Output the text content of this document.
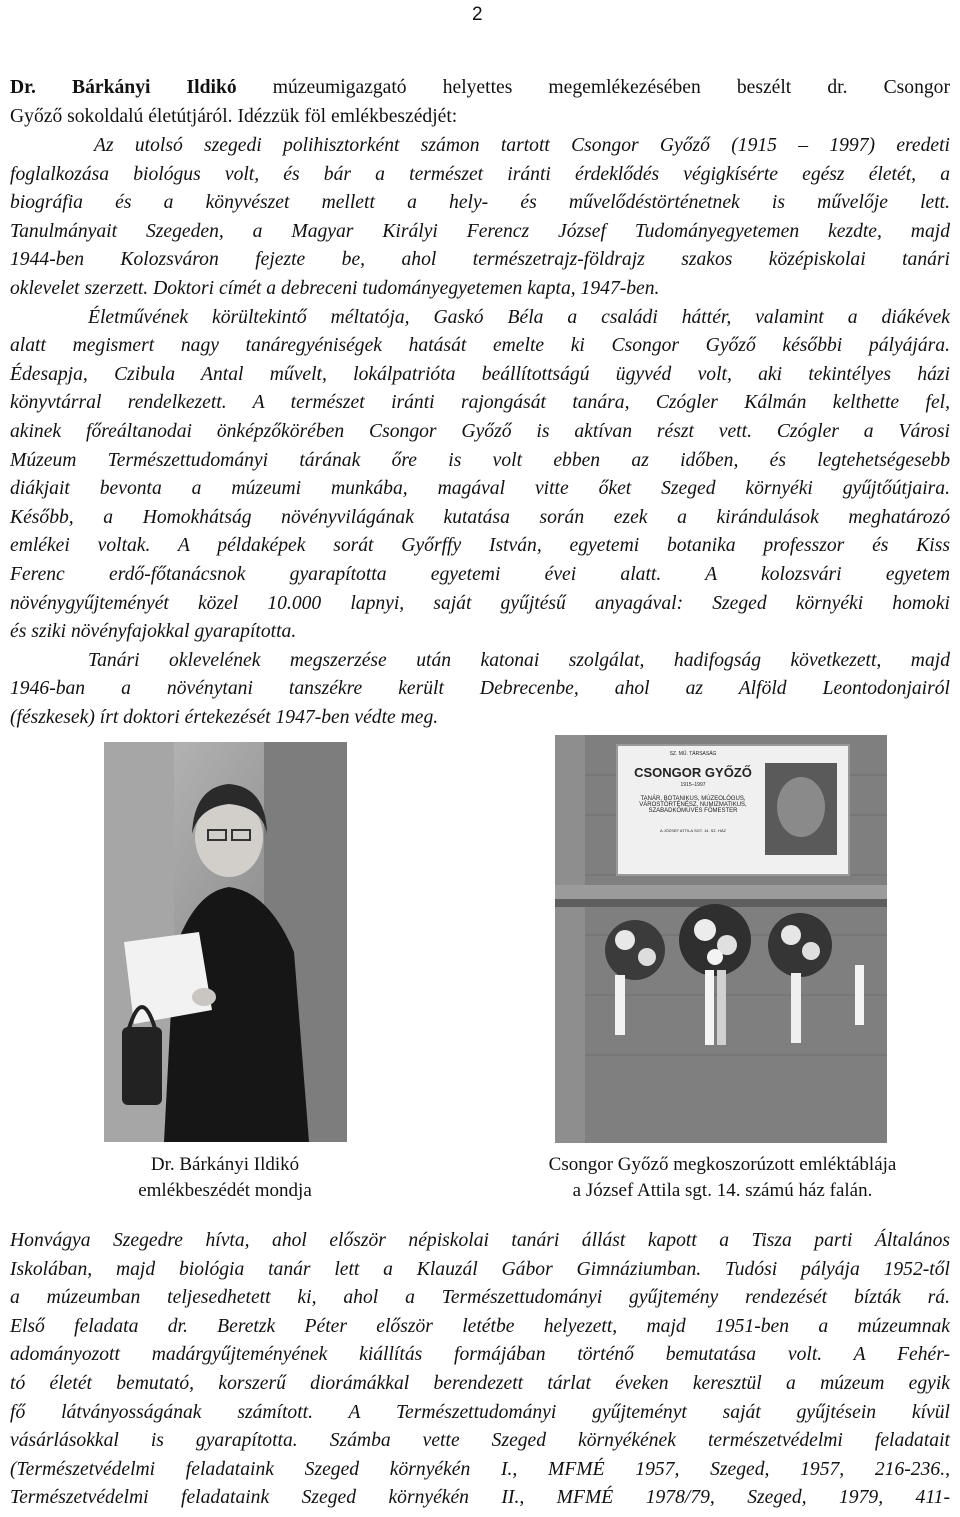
2
Dr. Bárkányi Ildikó múzeumigazgató helyettes megemlékezésében beszélt dr. Csongor
Győző sokoldalú életútjáról. Idézzük föl emlékbeszédjét:
Az utolsó szegedi polihisztorként számon tartott Csongor Győző (1915 – 1997) eredeti
foglalkozása biológus volt, és bár a természet iránti érdeklődés végigkísérte egész életét, a
biográfia és a könyvészet mellett a hely- és művelődéstörténetnek is művelője lett.
Tanulmányait Szegeden, a Magyar Királyi Ferencz József Tudományegyetemen kezdte, majd
1944-ben Kolozsváron fejezte be, ahol természetrajz-földrajz szakos középiskolai tanári
oklevelet szerzett. Doktori címét a debreceni tudományegyetemen kapta, 1947-ben.
Életművének körültekintő méltatója, Gaskó Béla a családi háttér, valamint a diákévek
alatt megismert nagy tanáregyéniségek hatását emelte ki Csongor Győző későbbi pályájára.
Édesapja, Czibula Antal művelt, lokálpatrióta beállítottságú ügyvéd volt, aki tekintélyes házi
könyvtárral rendelkezett. A természet iránti rajongását tanára, Czógler Kálmán kelthette fel,
akinek főreáltanodai önképzőkörében Csongor Győző is aktívan részt vett. Czógler a Városi
Múzeum Természettudományi tárának őre is volt ebben az időben, és legtehetségesebb
diákjait bevonta a múzeumi munkába, magával vitte őket Szeged környéki gyűjtőútjaira.
Később, a Homokhátság növényvilágának kutatása során ezek a kirándulások meghatározó
emlékei voltak. A példaképek sorát Győrffy István, egyetemi botanika professzor és Kiss
Ferenc erdő-főtanácsnok gyarapította egyetemi évei alatt. A kolozsvári egyetem
növénygyűjteményét közel 10.000 lapnyi, saját gyűjtésű anyagával: Szeged környéki homoki
és sziki növényfajokkal gyarapította.
Tanári oklevelének megszerzése után katonai szolgálat, hadifogság következett, majd
1946-ban a növénytani tanszékre került Debrecenbe, ahol az Alföld Leontodonjairól
(fészkesek) írt doktori értekezését 1947-ben védte meg.
SZ. MŰ. TÁRSASÁG
CSONGOR GYŐZŐ
1915–1997
TANÁR, BOTANIKUS, MÚZEOLÓGUS,
VÁROSTÖRTÉNÉSZ, NUMIZMATIKUS,
SZABADKŐMŰVES FŐMESTER
A JÓZSEF ATTILA SGT. 14. SZ. HÁZ
Dr. Bárkányi Ildikó
emlékbeszédét mondja
Csongor Győző megkoszorúzott emléktáblája
a József Attila sgt. 14. számú ház falán.
Honvágya Szegedre hívta, ahol először népiskolai tanári állást kapott a Tisza parti Általános
Iskolában, majd biológia tanár lett a Klauzál Gábor Gimnáziumban. Tudósi pályája 1952-től
a múzeumban teljesedhetett ki, ahol a Természettudományi gyűjtemény rendezését bízták rá.
Első feladata dr. Beretzk Péter először letétbe helyezett, majd 1951-ben a múzeumnak
adományozott madárgyűjteményének kiállítás formájában történő bemutatása volt. A Fehér-
tó életét bemutató, korszerű diorámákkal berendezett tárlat éveken keresztül a múzeum egyik
fő látványosságának számított. A Természettudományi gyűjteményt saját gyűjtésein kívül
vásárlásokkal is gyarapította. Számba vette Szeged környékének természetvédelmi feladatait
(Természetvédelmi feladataink Szeged környékén I., MFMÉ 1957, Szeged, 1957, 216-236.,
Természetvédelmi feladataink Szeged környékén II., MFMÉ 1978/79, Szeged, 1979, 411-
